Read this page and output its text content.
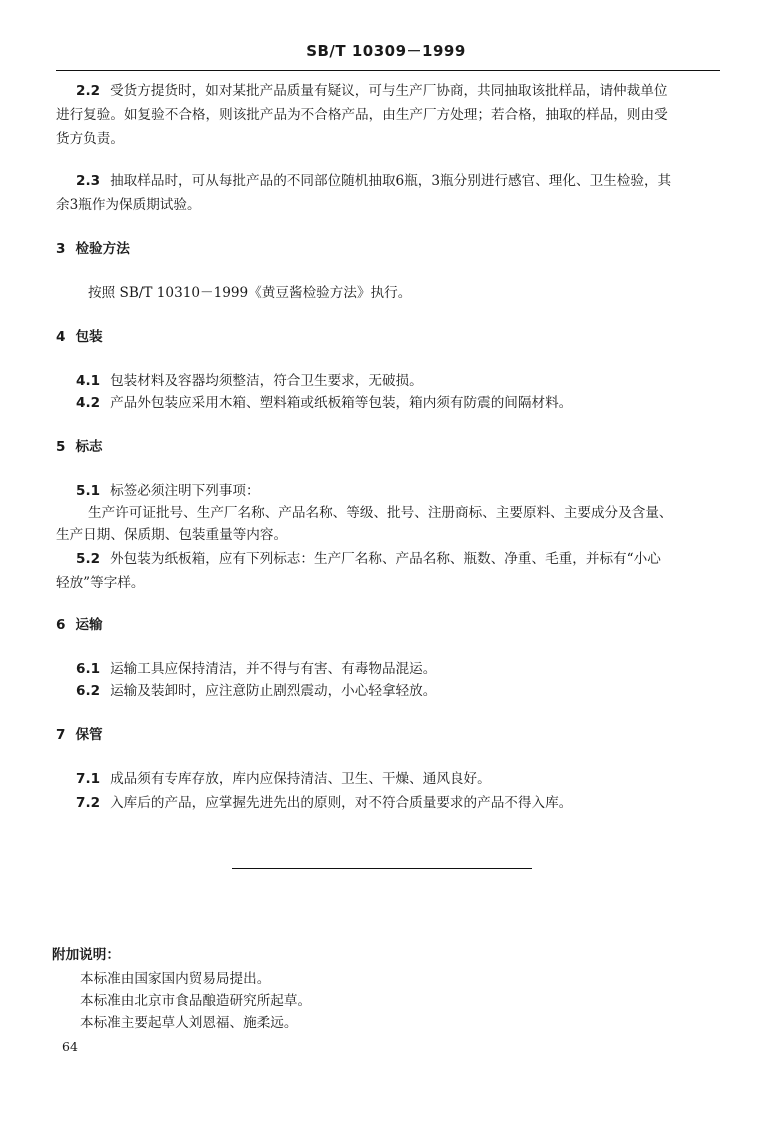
SB/T 10309－1999
2.2 受货方提货时，如对某批产品质量有疑议，可与生产厂协商，共同抽取该批样品，请仲裁单位
进行复验。如复验不合格，则该批产品为不合格产品，由生产厂方处理；若合格，抽取的样品，则由受
货方负责。
2.3 抽取样品时，可从每批产品的不同部位随机抽取6瓶，3瓶分别进行感官、理化、卫生检验，其
余3瓶作为保质期试验。
3 检验方法
按照 SB/T 10310－1999《黄豆酱检验方法》执行。
4 包装
4.1 包装材料及容器均须整洁，符合卫生要求，无破损。
4.2 产品外包装应采用木箱、塑料箱或纸板箱等包装，箱内须有防震的间隔材料。
5 标志
5.1 标签必须注明下列事项：
生产许可证批号、生产厂名称、产品名称、等级、批号、注册商标、主要原料、主要成分及含量、
生产日期、保质期、包装重量等内容。
5.2 外包装为纸板箱，应有下列标志：生产厂名称、产品名称、瓶数、净重、毛重，并标有“小心
轻放”等字样。
6 运输
6.1 运输工具应保持清洁，并不得与有害、有毒物品混运。
6.2 运输及装卸时，应注意防止剧烈震动，小心轻拿轻放。
7 保管
7.1 成品须有专库存放，库内应保持清洁、卫生、干燥、通风良好。
7.2 入库后的产品，应掌握先进先出的原则，对不符合质量要求的产品不得入库。
附加说明：
本标准由国家国内贸易局提出。
本标准由北京市食品酿造研究所起草。
本标准主要起草人刘恩福、施柔远。
64
